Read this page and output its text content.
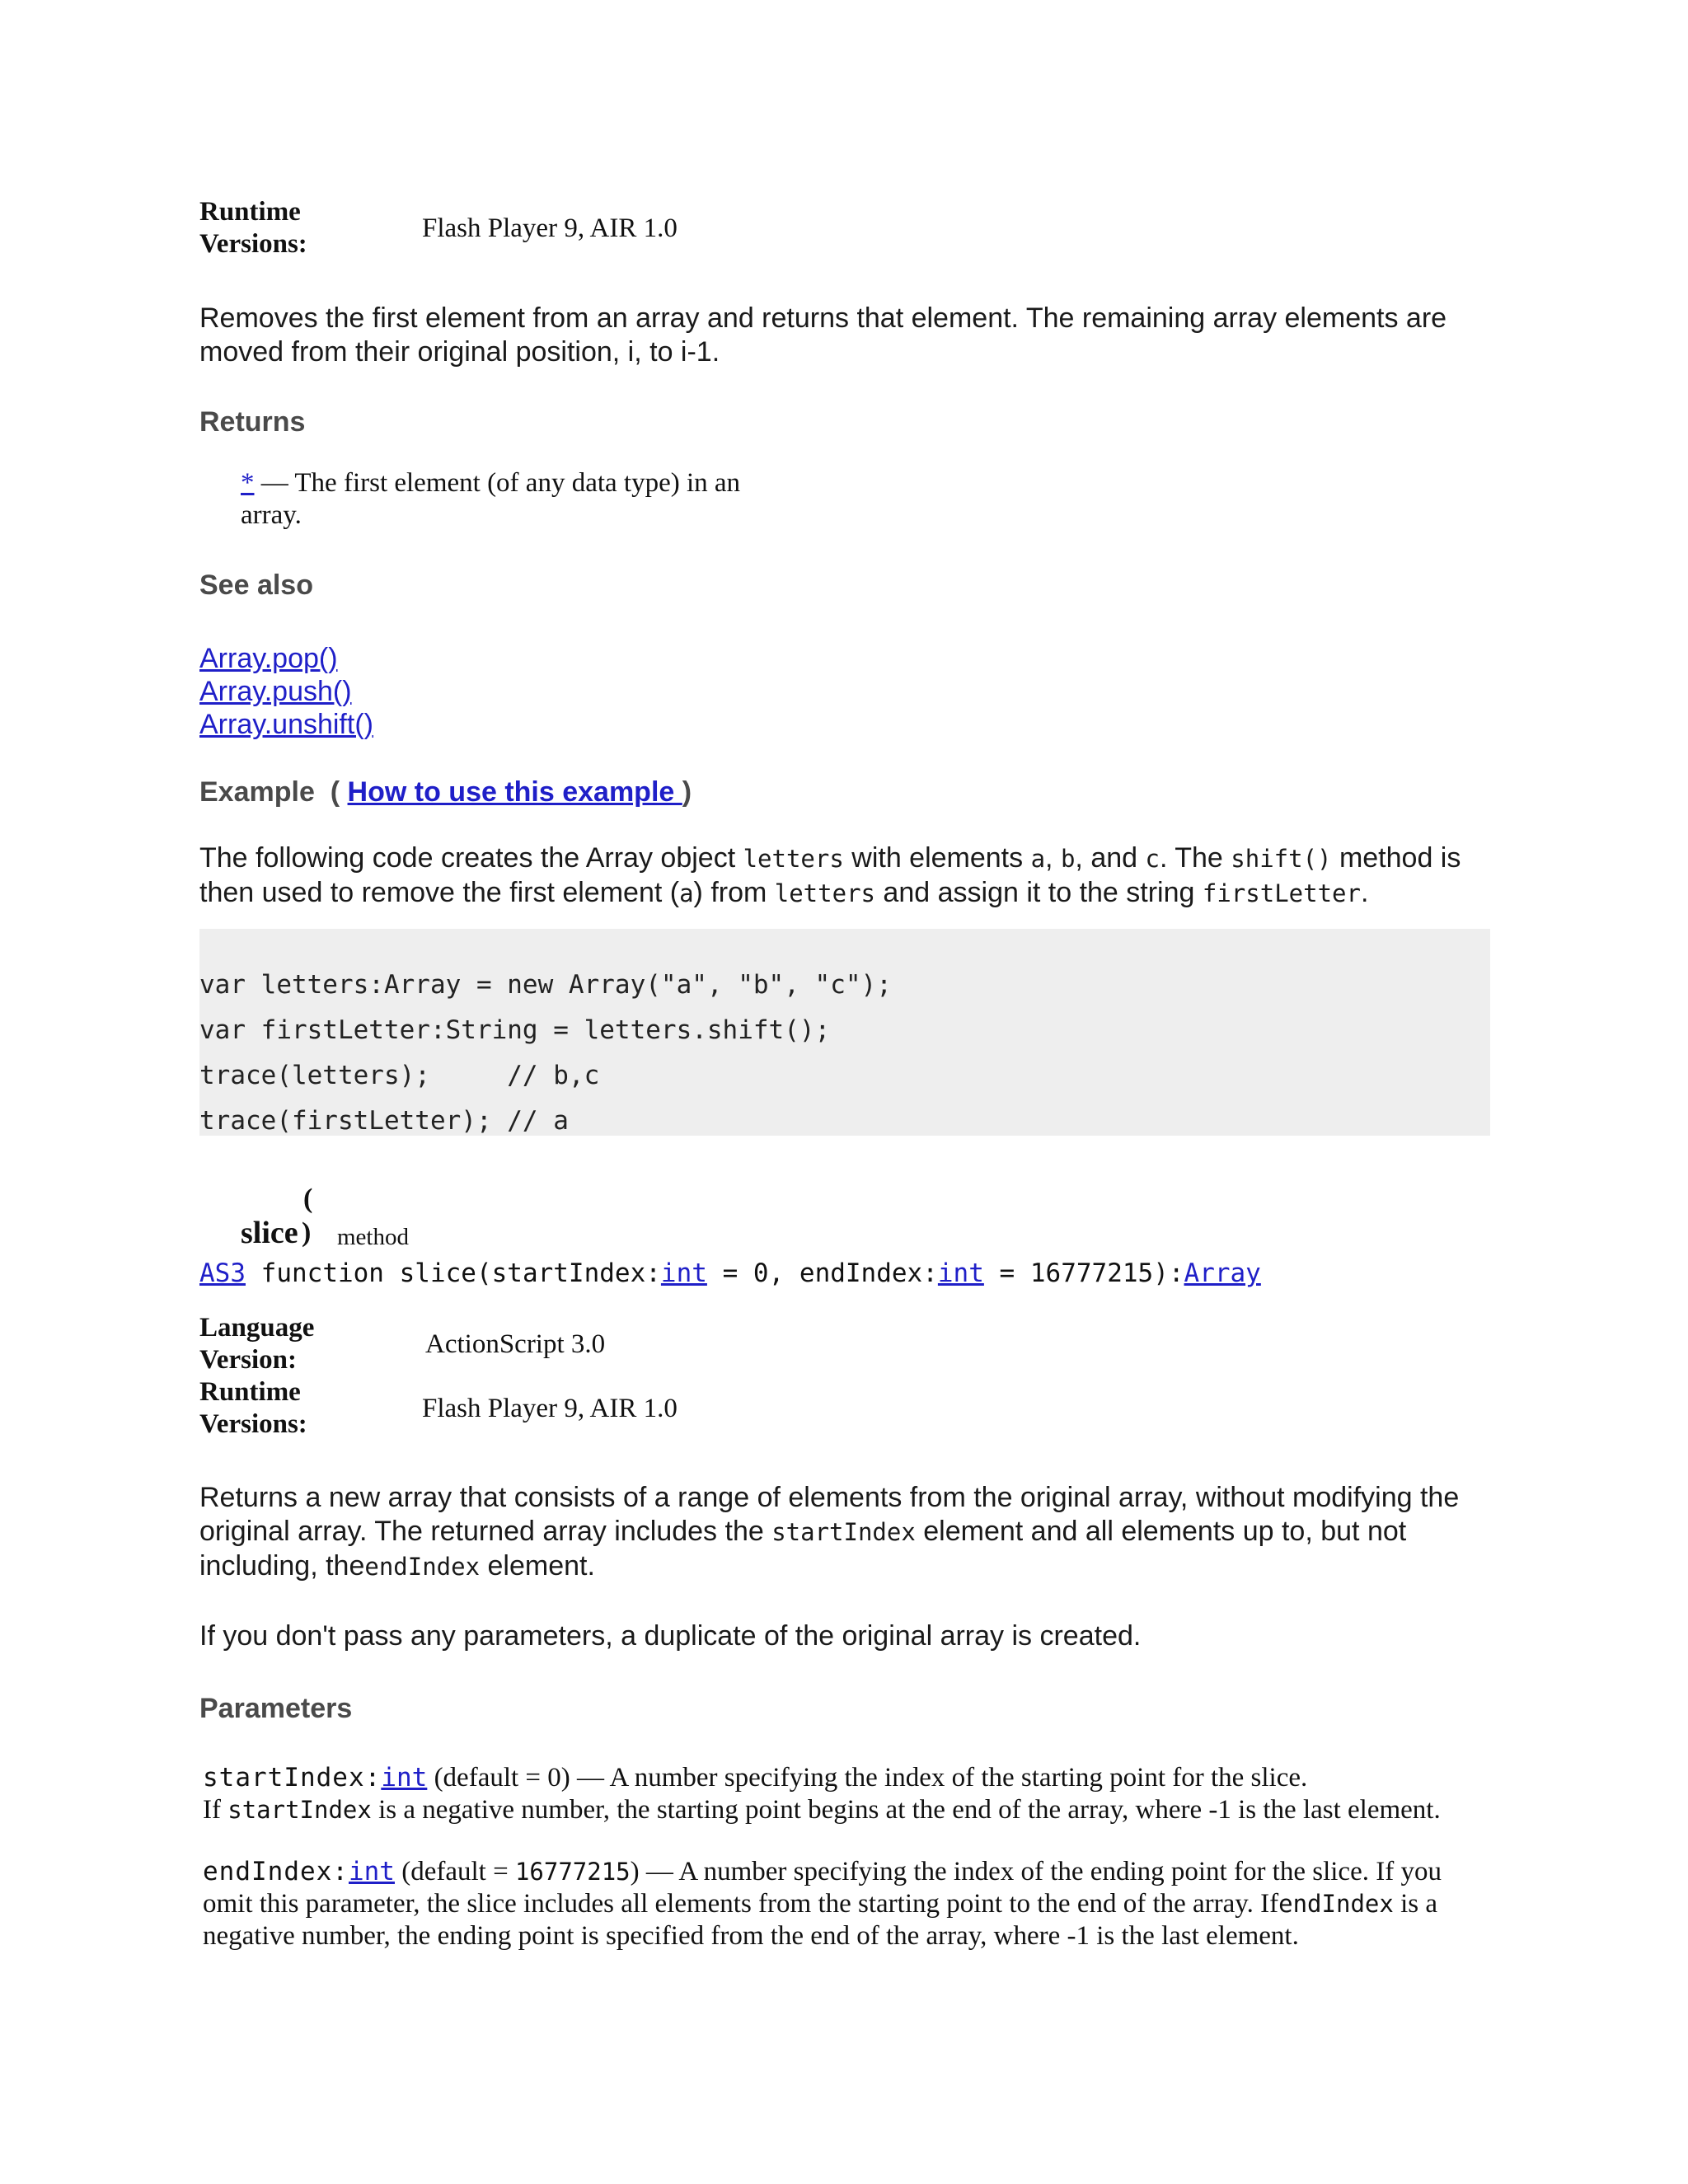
Runtime
Versions:
Flash Player 9, AIR 1.0
Removes the first element from an array and returns that element. The remaining array elements are moved from their original position, i, to i-1.
Returns
* — The first element (of any data type) in an array.
See also
Array.pop()
Array.push()
Array.unshift()
Example ( How to use this example )
The following code creates the Array object letters with elements a, b, and c. The shift() method is then used to remove the first element (a) from letters and assign it to the string firstLetter.
var letters:Array = new Array("a", "b", "c");
var firstLetter:String = letters.shift();
trace(letters);     // b,c
trace(firstLetter); // a
(
slice ) method
AS3 function slice(startIndex:int = 0, endIndex:int = 16777215):Array
Language
Version:
ActionScript 3.0
Runtime
Versions:
Flash Player 9, AIR 1.0
Returns a new array that consists of a range of elements from the original array, without modifying the original array. The returned array includes the startIndex element and all elements up to, but not including, theendIndex element.
If you don't pass any parameters, a duplicate of the original array is created.
Parameters
startIndex:int (default = 0) — A number specifying the index of the starting point for the slice.
If startIndex is a negative number, the starting point begins at the end of the array, where -1 is the last element.
endIndex:int (default = 16777215) — A number specifying the index of the ending point for the slice. If you omit this parameter, the slice includes all elements from the starting point to the end of the array. IfendIndex is a negative number, the ending point is specified from the end of the array, where -1 is the last element.
